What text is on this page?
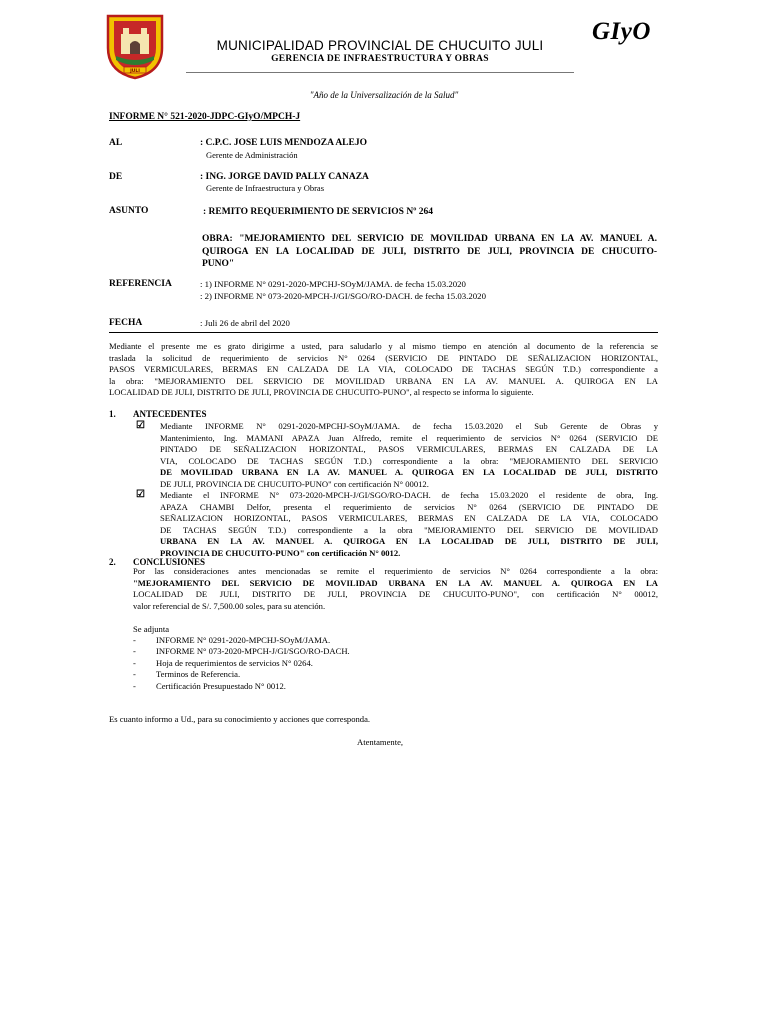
JULI
MUNICIPALIDAD PROVINCIAL DE CHUCUITO JULI
GERENCIA DE INFRAESTRUCTURA Y OBRAS
GIyO
"Año de la Universalización de la Salud"
INFORME N° 521-2020-JDPC-GIyO/MPCH-J
AL	: C.P.C. JOSE LUIS MENDOZA ALEJO
Gerente de Administración
DE	: ING. JORGE DAVID PALLY CANAZA
Gerente de Infraestructura y Obras
ASUNTO	: REMITO REQUERIMIENTO DE SERVICIOS Nº 264
OBRA: "MEJORAMIENTO DEL SERVICIO DE MOVILIDAD URBANA EN LA AV. MANUEL A.
QUIROGA EN LA LOCALIDAD DE JULI, DISTRITO DE JULI, PROVINCIA DE CHUCUITO-
PUNO"
REFERENCIA	: 1) INFORME N° 0291-2020-MPCHJ-SOyM/JAMA. de fecha 15.03.2020
: 2) INFORME N° 073-2020-MPCH-J/GI/SGO/RO-DACH. de fecha 15.03.2020
FECHA	: Juli 26 de abril del 2020
Mediante el presente me es grato dirigirme a usted, para saludarlo y al mismo tiempo en atención al documento de la referencia se
traslada la solicitud de requerimiento de servicios N° 0264 (SERVICIO DE PINTADO DE SEÑALIZACION HORIZONTAL,
PASOS VERMICULARES, BERMAS EN CALZADA DE LA VIA, COLOCADO DE TACHAS SEGÚN T.D.) correspondiente a
la obra: "MEJORAMIENTO DEL SERVICIO DE MOVILIDAD URBANA EN LA AV. MANUEL A. QUIROGA EN LA
LOCALIDAD DE JULI, DISTRITO DE JULI, PROVINCIA DE CHUCUITO-PUNO", al respecto se informa lo siguiente.
1. ANTECEDENTES
☑ Mediante INFORME N° 0291-2020-MPCHJ-SOyM/JAMA. de fecha 15.03.2020 el Sub Gerente de Obras y
Mantenimiento, Ing. MAMANI APAZA Juan Alfredo, remite el requerimiento de servicios N° 0264 (SERVICIO DE
PINTADO DE SEÑALIZACION HORIZONTAL, PASOS VERMICULARES, BERMAS EN CALZADA DE LA
VIA, COLOCADO DE TACHAS SEGÚN T.D.) correspondiente a la obra: "MEJORAMIENTO DEL SERVICIO
DE MOVILIDAD URBANA EN LA AV. MANUEL A. QUIROGA EN LA LOCALIDAD DE JULI, DISTRITO
DE JULI, PROVINCIA DE CHUCUITO-PUNO" con certificación N° 00012.
☑ Mediante el INFORME N° 073-2020-MPCH-J/GI/SGO/RO-DACH. de fecha 15.03.2020 el residente de obra, Ing.
APAZA CHAMBI Delfor, presenta el requerimiento de servicios N° 0264 (SERVICIO DE PINTADO DE
SEÑALIZACION HORIZONTAL, PASOS VERMICULARES, BERMAS EN CALZADA DE LA VIA, COLOCADO
DE TACHAS SEGÚN T.D.) correspondiente a la obra "MEJORAMIENTO DEL SERVICIO DE MOVILIDAD
URBANA EN LA AV. MANUEL A. QUIROGA EN LA LOCALIDAD DE JULI, DISTRITO DE JULI,
PROVINCIA DE CHUCUITO-PUNO" con certificación N° 0012.
2. CONCLUSIONES
Por las consideraciones antes mencionadas se remite el requerimiento de servicios N° 0264 correspondiente a la obra:
"MEJORAMIENTO DEL SERVICIO DE MOVILIDAD URBANA EN LA AV. MANUEL A. QUIROGA EN LA
LOCALIDAD DE JULI, DISTRITO DE JULI, PROVINCIA DE CHUCUITO-PUNO", con certificación N° 00012,
valor referencial de S/. 7,500.00 soles, para su atención.
Se adjunta
- INFORME N° 0291-2020-MPCHJ-SOyM/JAMA.
- INFORME N° 073-2020-MPCH-J/GI/SGO/RO-DACH.
- Hoja de requerimientos de servicios N° 0264.
- Terminos de Referencia.
- Certificación Presupuestado N° 0012.
Es cuanto informo a Ud., para su conocimiento y acciones que corresponda.
Atentamente,
